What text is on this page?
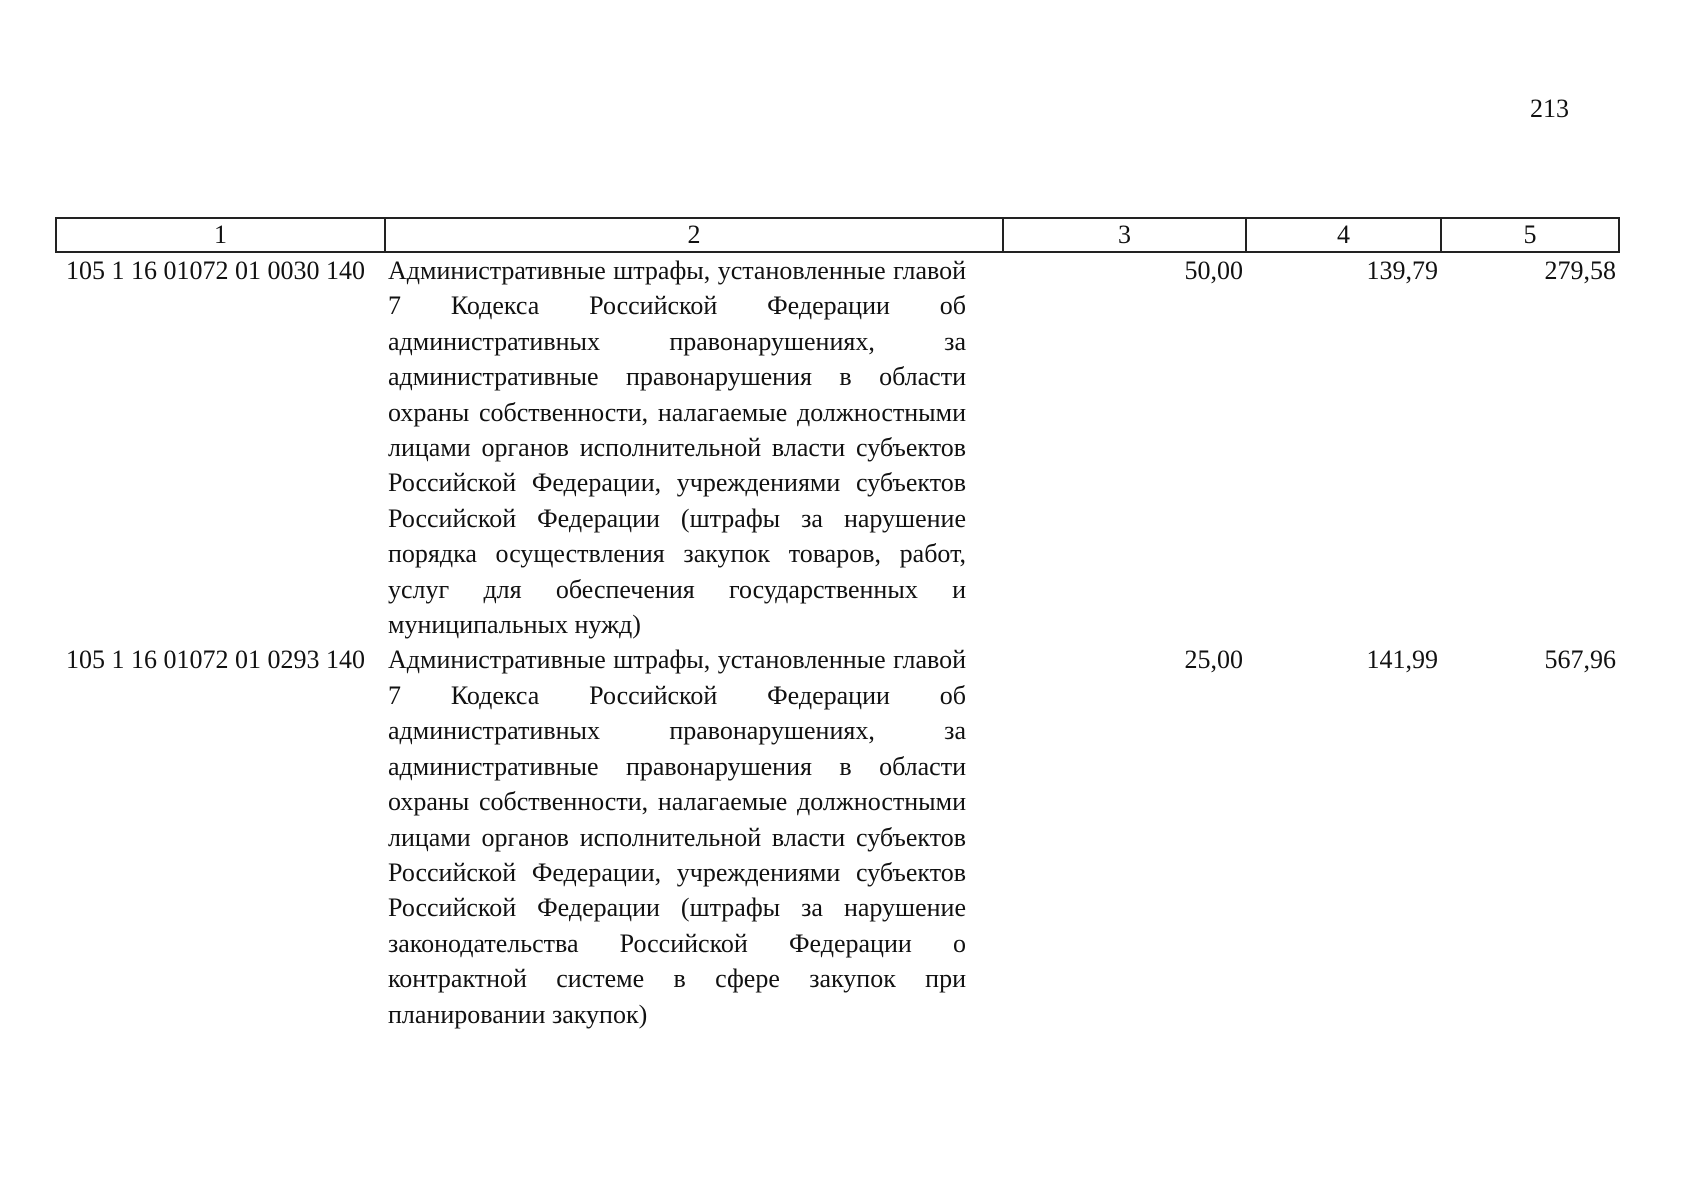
213
1	2	3	4	5
105 1 16 01072 01 0030 140	Административные штрафы, установленные главой 7 Кодекса Российской Федерации об административных правонарушениях, за административные правонарушения в области охраны собственности, налагаемые должностными лицами органов исполнительной власти субъектов Российской Федерации, учреждениями субъектов Российской Федерации (штрафы за нарушение порядка осуществления закупок товаров, работ, услуг для обеспечения государственных и муниципальных нужд)	50,00	139,79	279,58
105 1 16 01072 01 0293 140	Административные штрафы, установленные главой 7 Кодекса Российской Федерации об административных правонарушениях, за административные правонарушения в области охраны собственности, налагаемые должностными лицами органов исполнительной власти субъектов Российской Федерации, учреждениями субъектов Российской Федерации (штрафы за нарушение законодательства Российской Федерации о контрактной системе в сфере закупок при планировании закупок)	25,00	141,99	567,96
